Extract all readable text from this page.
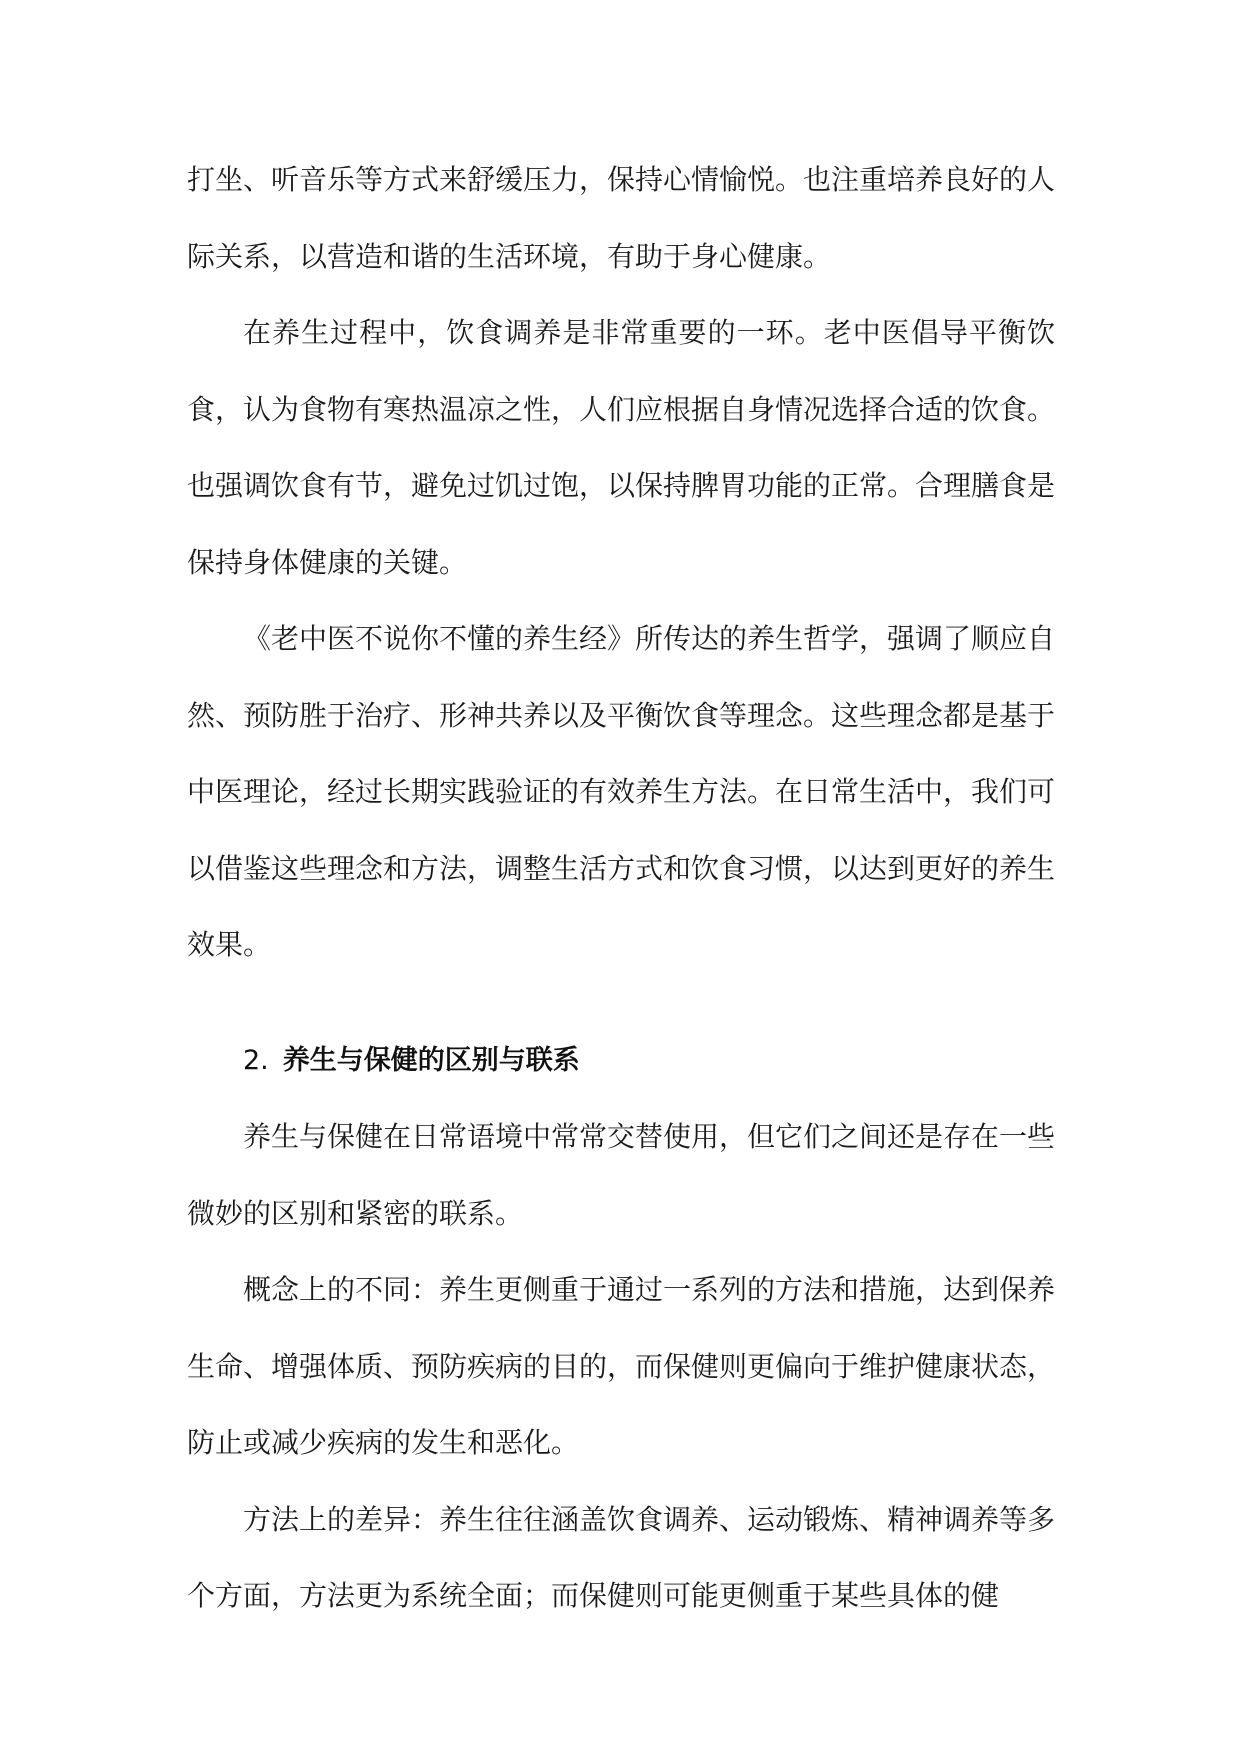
打坐、听音乐等方式来舒缓压力，保持心情愉悦。也注重培养良好的人际关系，以营造和谐的生活环境，有助于身心健康。

在养生过程中，饮食调养是非常重要的一环。老中医倡导平衡饮食，认为食物有寒热温凉之性，人们应根据自身情况选择合适的饮食。也强调饮食有节，避免过饥过饱，以保持脾胃功能的正常。合理膳食是保持身体健康的关键。

《老中医不说你不懂的养生经》所传达的养生哲学，强调了顺应自然、预防胜于治疗、形神共养以及平衡饮食等理念。这些理念都是基于中医理论，经过长期实践验证的有效养生方法。在日常生活中，我们可以借鉴这些理念和方法，调整生活方式和饮食习惯，以达到更好的养生效果。

2. 养生与保健的区别与联系

养生与保健在日常语境中常常交替使用，但它们之间还是存在一些微妙的区别和紧密的联系。

概念上的不同：养生更侧重于通过一系列的方法和措施，达到保养生命、增强体质、预防疾病的目的，而保健则更偏向于维护健康状态，防止或减少疾病的发生和恶化。

方法上的差异：养生往往涵盖饮食调养、运动锻炼、精神调养等多个方面，方法更为系统全面；而保健则可能更侧重于某些具体的健
